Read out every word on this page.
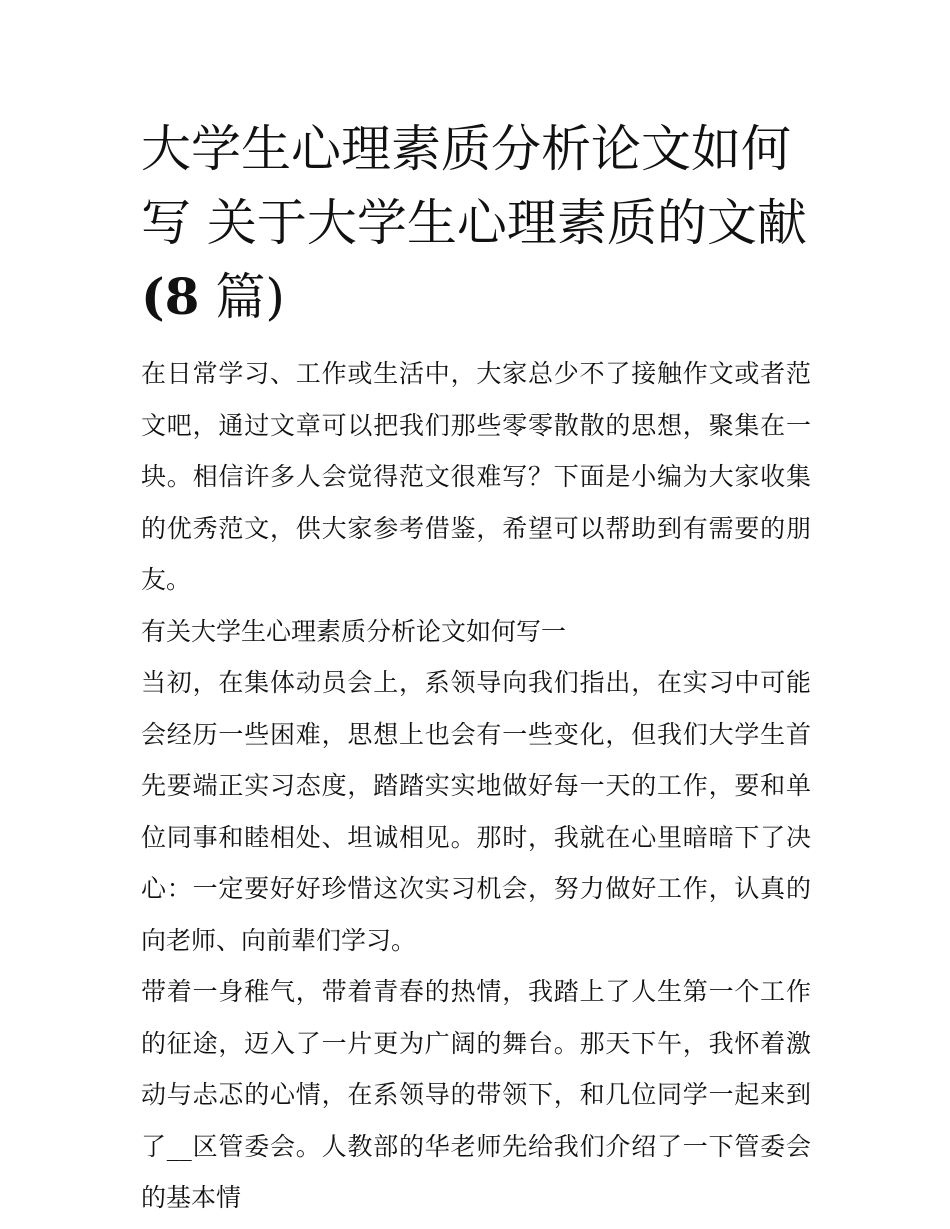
大学生心理素质分析论文如何
写 关于大学生心理素质的文献
(8 篇)

在日常学习、工作或生活中，大家总少不了接触作文或者范文吧，通过文章可以把我们那些零零散散的思想，聚集在一块。相信许多人会觉得范文很难写？下面是小编为大家收集的优秀范文，供大家参考借鉴，希望可以帮助到有需要的朋友。

有关大学生心理素质分析论文如何写一

当初，在集体动员会上，系领导向我们指出，在实习中可能会经历一些困难，思想上也会有一些变化，但我们大学生首先要端正实习态度，踏踏实实地做好每一天的工作，要和单位同事和睦相处、坦诚相见。那时，我就在心里暗暗下了决心：一定要好好珍惜这次实习机会，努力做好工作，认真的向老师、向前辈们学习。

带着一身稚气，带着青春的热情，我踏上了人生第一个工作的征途，迈入了一片更为广阔的舞台。那天下午，我怀着激动与忐忑的心情，在系领导的带领下，和几位同学一起来到了__区管委会。人教部的华老师先给我们介绍了一下管委会的基本情
